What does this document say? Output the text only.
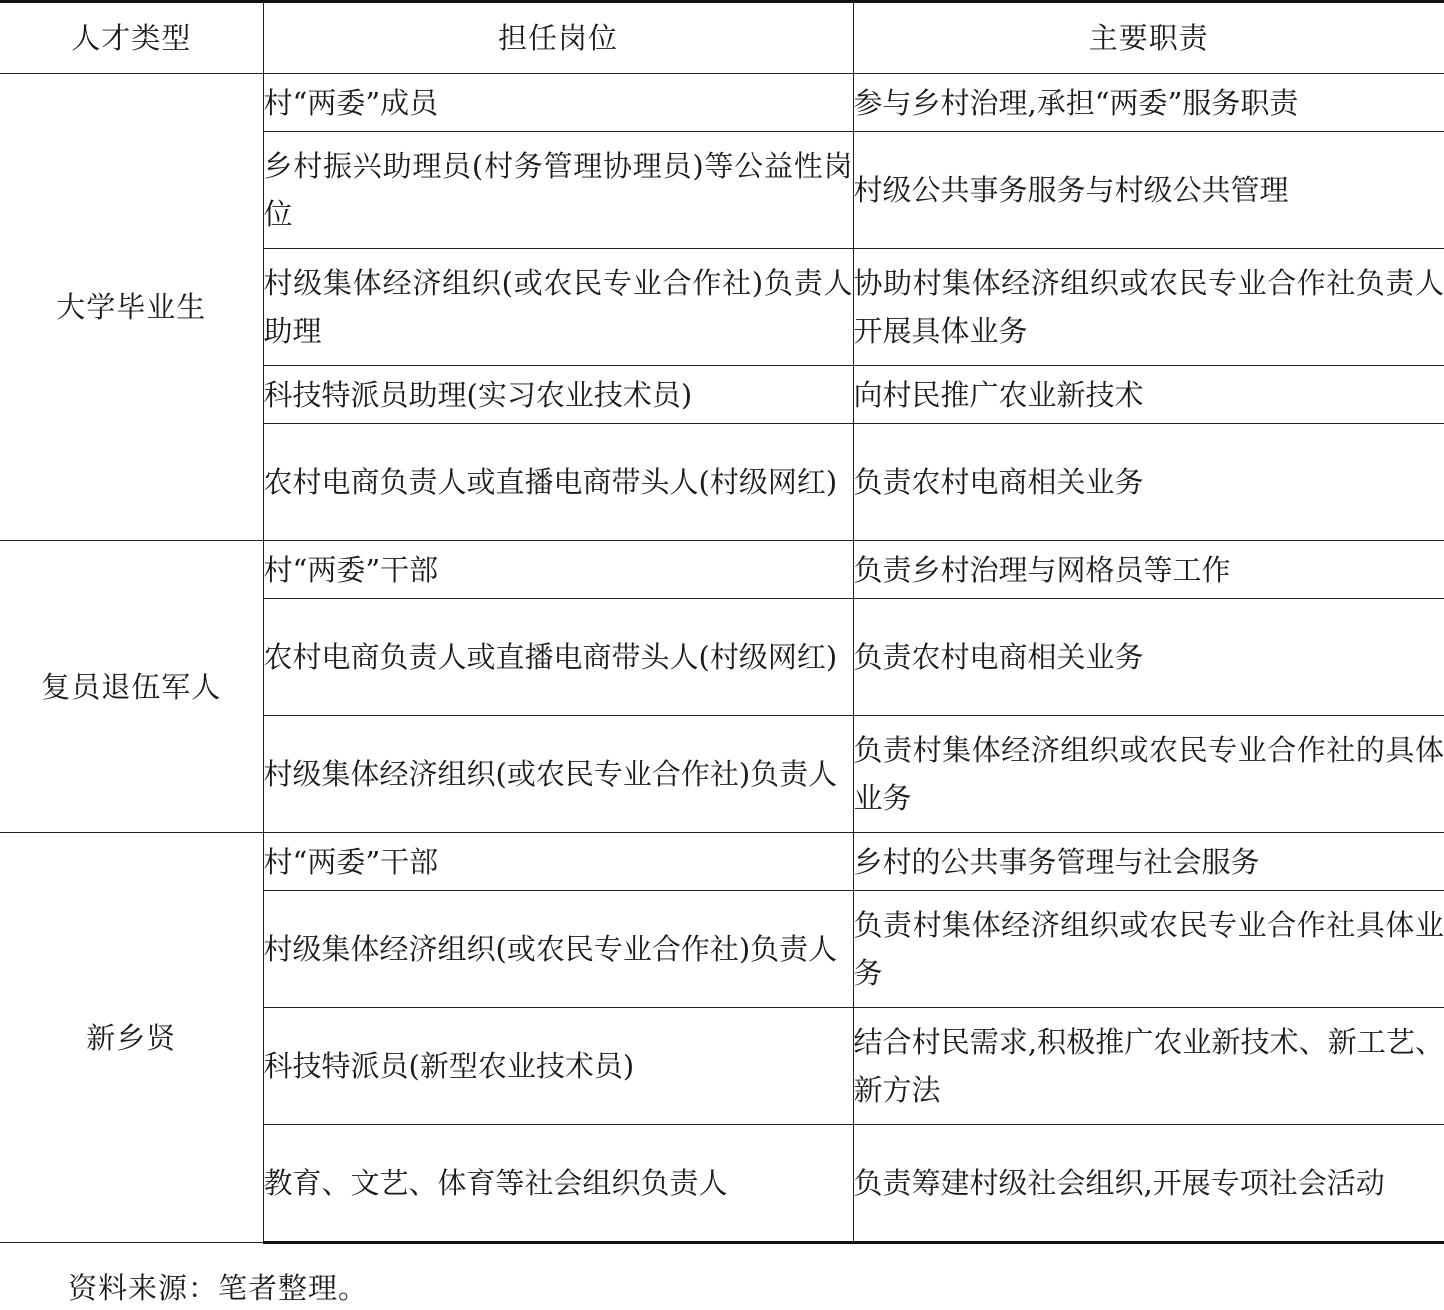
人才类型	担任岗位	主要职责
大学毕业生	村“两委”成员	参与乡村治理,承担“两委”服务职责
	乡村振兴助理员(村务管理协理员)等公益性岗位	村级公共事务服务与村级公共管理
	村级集体经济组织(或农民专业合作社)负责人助理	协助村集体经济组织或农民专业合作社负责人开展具体业务
	科技特派员助理(实习农业技术员)	向村民推广农业新技术
	农村电商负责人或直播电商带头人(村级网红)	负责农村电商相关业务
复员退伍军人	村“两委”干部	负责乡村治理与网格员等工作
	农村电商负责人或直播电商带头人(村级网红)	负责农村电商相关业务
	村级集体经济组织(或农民专业合作社)负责人	负责村集体经济组织或农民专业合作社的具体业务
新乡贤	村“两委”干部	乡村的公共事务管理与社会服务
	村级集体经济组织(或农民专业合作社)负责人	负责村集体经济组织或农民专业合作社具体业务
	科技特派员(新型农业技术员)	结合村民需求,积极推广农业新技术、新工艺、新方法
	教育、文艺、体育等社会组织负责人	负责筹建村级社会组织,开展专项社会活动
资料来源：笔者整理。
